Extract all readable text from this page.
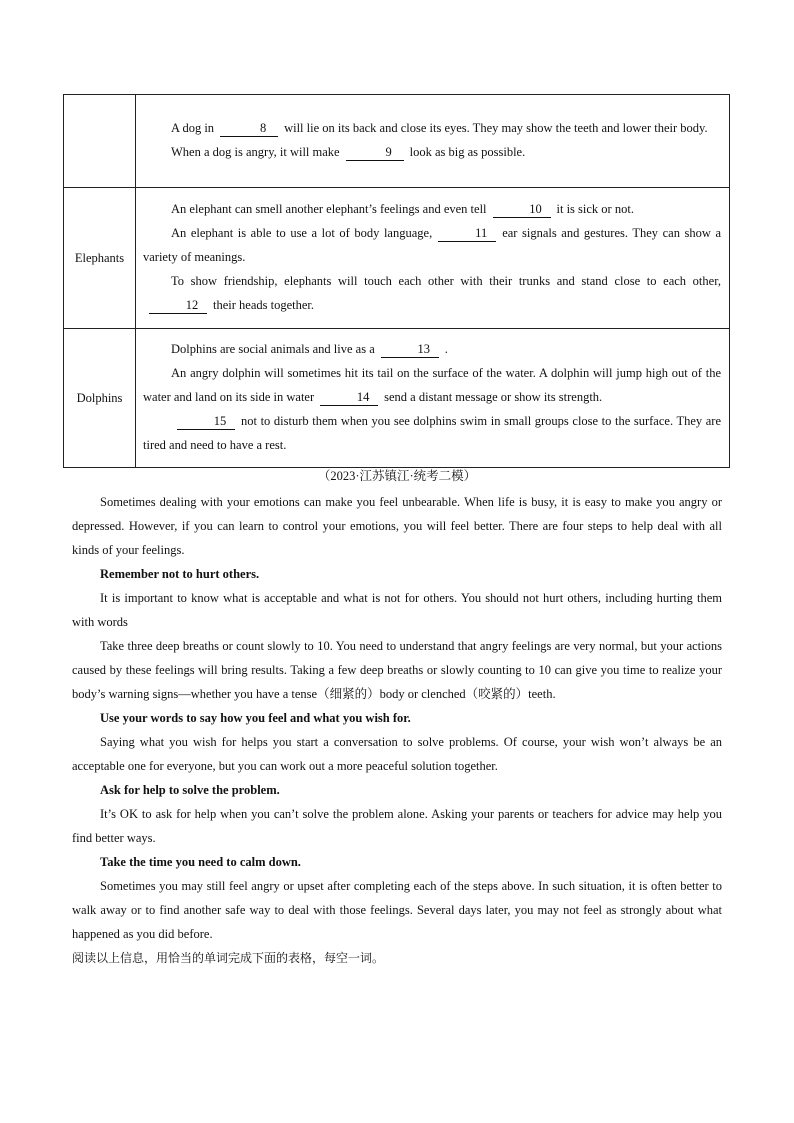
	A dog in 8 will lie on its back and close its eyes. They may show the teeth and lower their body.
When a dog is angry, it will make 9 look as big as possible.

Elephants	An elephant can smell another elephant’s feelings and even tell 10 it is sick or not.
An elephant is able to use a lot of body language, 11 ear signals and gestures. They can show a variety of meanings.
To show friendship, elephants will touch each other with their trunks and stand close to each other,12 their heads together.

Dolphins	Dolphins are social animals and live as a 13 .
An angry dolphin will sometimes hit its tail on the surface of the water. A dolphin will jump high out of the water and land on its side in water 14 send a distant message or show its strength.
15 not to disturb them when you see dolphins swim in small groups close to the surface. They are tired and need to have a rest.
（2023·江苏镇江·统考二模）

Sometimes dealing with your emotions can make you feel unbearable. When life is busy, it is easy to make you angry or depressed. However, if you can learn to control your emotions, you will feel better. There are four steps to help deal with all kinds of your feelings.

Remember not to hurt others.

It is important to know what is acceptable and what is not for others. You should not hurt others, including hurting them with words

Take three deep breaths or count slowly to 10. You need to understand that angry feelings are very normal, but your actions caused by these feelings will bring results. Taking a few deep breaths or slowly counting to 10 can give you time to realize your body’s warning signs—whether you have a tense（细紧的）body or clenched（咬紧的）teeth.

Use your words to say how you feel and what you wish for.

Saying what you wish for helps you start a conversation to solve problems. Of course, your wish won’t always be an acceptable one for everyone, but you can work out a more peaceful solution together.

Ask for help to solve the problem.

It’s OK to ask for help when you can’t solve the problem alone. Asking your parents or teachers for advice may help you find better ways.

Take the time you need to calm down.

Sometimes you may still feel angry or upset after completing each of the steps above. In such situation, it is often better to walk away or to find another safe way to deal with those feelings. Several days later, you may not feel as strongly about what happened as you did before.

阅读以上信息，用恰当的单词完成下面的表格，每空一词。
